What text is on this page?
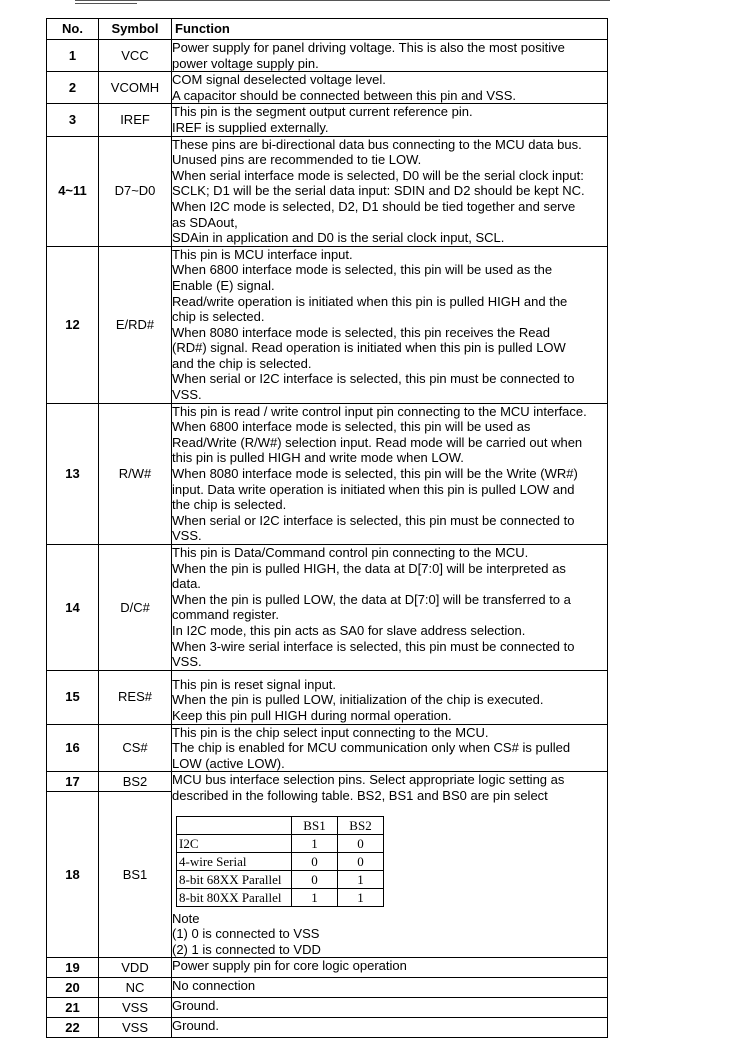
No.	Symbol	Function
1	VCC	
Power supply for panel driving voltage. This is also the most positive
power voltage supply pin.

2	VCOMH	
COM signal deselected voltage level.
A capacitor should be connected between this pin and VSS.

3	IREF	
This pin is the segment output current reference pin.
IREF is supplied externally.

4~11	D7~D0	
These pins are bi-directional data bus connecting to the MCU data bus.
Unused pins are recommended to tie LOW.
When serial interface mode is selected, D0 will be the serial clock input:
SCLK; D1 will be the serial data input: SDIN and D2 should be kept NC.
When I2C mode is selected, D2, D1 should be tied together and serve
as SDAout,
SDAin in application and D0 is the serial clock input, SCL.

12	E/RD#	
This pin is MCU interface input.
When 6800 interface mode is selected, this pin will be used as the
Enable (E) signal.
Read/write operation is initiated when this pin is pulled HIGH and the
chip is selected.
When 8080 interface mode is selected, this pin receives the Read
(RD#) signal. Read operation is initiated when this pin is pulled LOW
and the chip is selected.
When serial or I2C interface is selected, this pin must be connected to
VSS.

13	R/W#	
This pin is read / write control input pin connecting to the MCU interface.
When 6800 interface mode is selected, this pin will be used as
Read/Write (R/W#) selection input. Read mode will be carried out when
this pin is pulled HIGH and write mode when LOW.
When 8080 interface mode is selected, this pin will be the Write (WR#)
input. Data write operation is initiated when this pin is pulled LOW and
the chip is selected.
When serial or I2C interface is selected, this pin must be connected to
VSS.

14	D/C#	
This pin is Data/Command control pin connecting to the MCU.
When the pin is pulled HIGH, the data at D[7:0] will be interpreted as
data.
When the pin is pulled LOW, the data at D[7:0] will be transferred to a
command register.
In I2C mode, this pin acts as SA0 for slave address selection.
When 3-wire serial interface is selected, this pin must be connected to
VSS.

15	RES#	
This pin is reset signal input.
When the pin is pulled LOW, initialization of the chip is executed.
Keep this pin pull HIGH during normal operation.

16	CS#	
This pin is the chip select input connecting to the MCU.
The chip is enabled for MCU communication only when CS# is pulled
LOW (active LOW).

17	BS2	MCU bus interface selection pins. Select appropriate logic setting as
described in the following table. BS2, BS1 and BS0 are pin select
	BS1	BS2
I2C	1	0
4-wire Serial	0	0
8-bit 68XX Parallel	0	1
8-bit 80XX Parallel	1	1
Note
(1) 0 is connected to VSS
(2) 1 is connected to VDD

18	BS1
19	VDD	Power supply pin for core logic operation
20	NC	No connection
21	VSS	Ground.
22	VSS	Ground.
